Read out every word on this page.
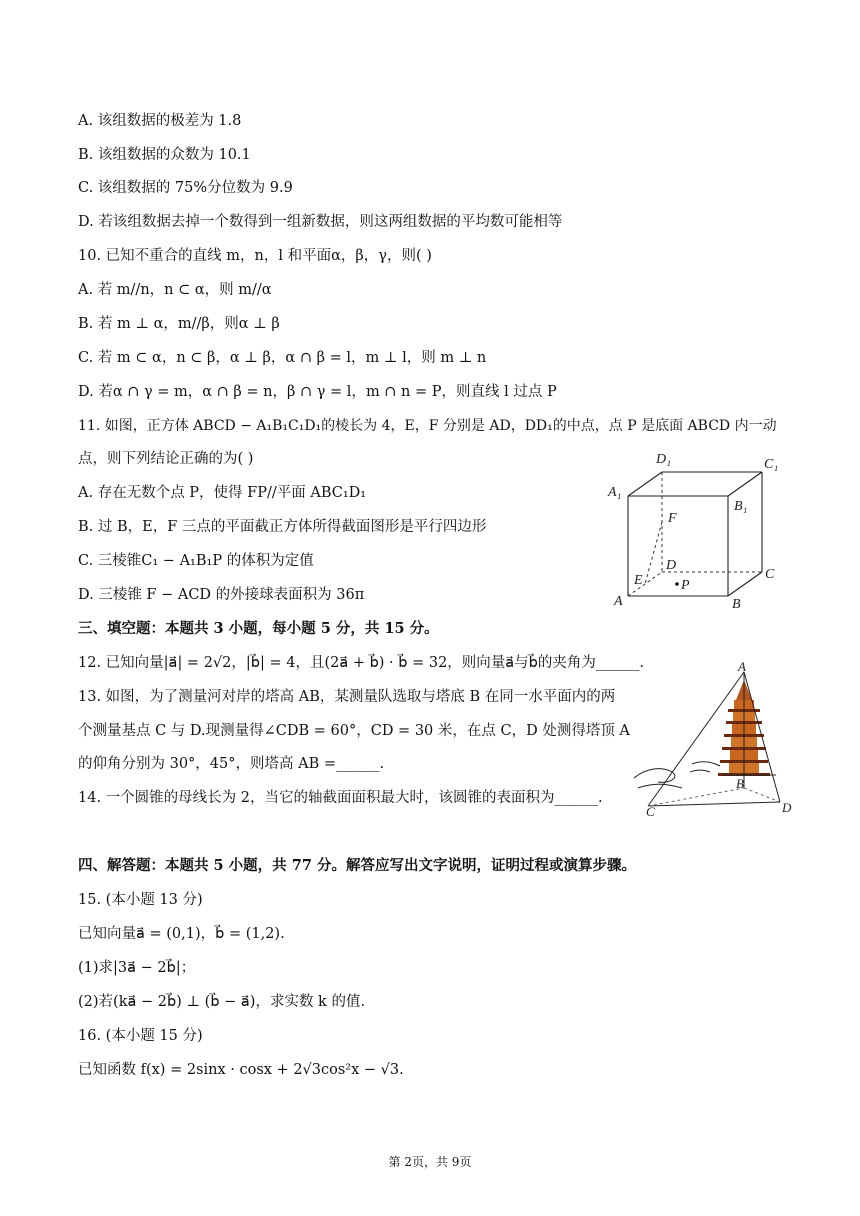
A. 该组数据的极差为 1.8
B. 该组数据的众数为 10.1
C. 该组数据的 75%分位数为 9.9
D. 若该组数据去掉一个数得到一组新数据，则这两组数据的平均数可能相等
10. 已知不重合的直线 m，n，l 和平面α，β，γ，则( )
A. 若 m//n，n ⊂ α，则 m//α
B. 若 m ⊥ α，m//β，则α ⊥ β
C. 若 m ⊂ α，n ⊂ β，α ⊥ β，α ∩ β = l，m ⊥ l，则 m ⊥ n
D. 若α ∩ γ = m，α ∩ β = n，β ∩ γ = l，m ∩ n = P，则直线 l 过点 P
11. 如图，正方体 ABCD − A₁B₁C₁D₁的棱长为 4，E，F 分别是 AD，DD₁的中点，点 P 是底面 ABCD 内一动
点，则下列结论正确的为( )
A. 存在无数个点 P，使得 FP//平面 ABC₁D₁
B. 过 B，E，F 三点的平面截正方体所得截面图形是平行四边形
C. 三棱锥C₁ − A₁B₁P 的体积为定值
D. 三棱锥 F − ACD 的外接球表面积为 36π
三、填空题：本题共 3 小题，每小题 5 分，共 15 分。
12. 已知向量|a⃗| = 2√2，|b⃗| = 4，且(2a⃗ + b⃗) · b⃗ = 32，则向量a⃗与b⃗的夹角为______.
13. 如图，为了测量河对岸的塔高 AB，某测量队选取与塔底 B 在同一水平面内的两
个测量基点 C 与 D.现测量得∠CDB = 60°，CD = 30 米，在点 C，D 处测得塔顶 A
的仰角分别为 30°，45°，则塔高 AB =______.
14. 一个圆锥的母线长为 2，当它的轴截面面积最大时，该圆锥的表面积为______.
四、解答题：本题共 5 小题，共 77 分。解答应写出文字说明，证明过程或演算步骤。
15. (本小题 13 分)
已知向量a⃗ = (0,1)，b⃗ = (1,2).
(1)求|3a⃗ − 2b⃗|；
(2)若(ka⃗ − 2b⃗) ⊥ (b⃗ − a⃗)，求实数 k 的值.
16. (本小题 15 分)
已知函数 f(x) = 2sinx · cosx + 2√3cos²x − √3.
D₁	C₁
A₁
B₁
F
D
E	P
C
A	B
A
B
C	D
第 2页，共 9页
